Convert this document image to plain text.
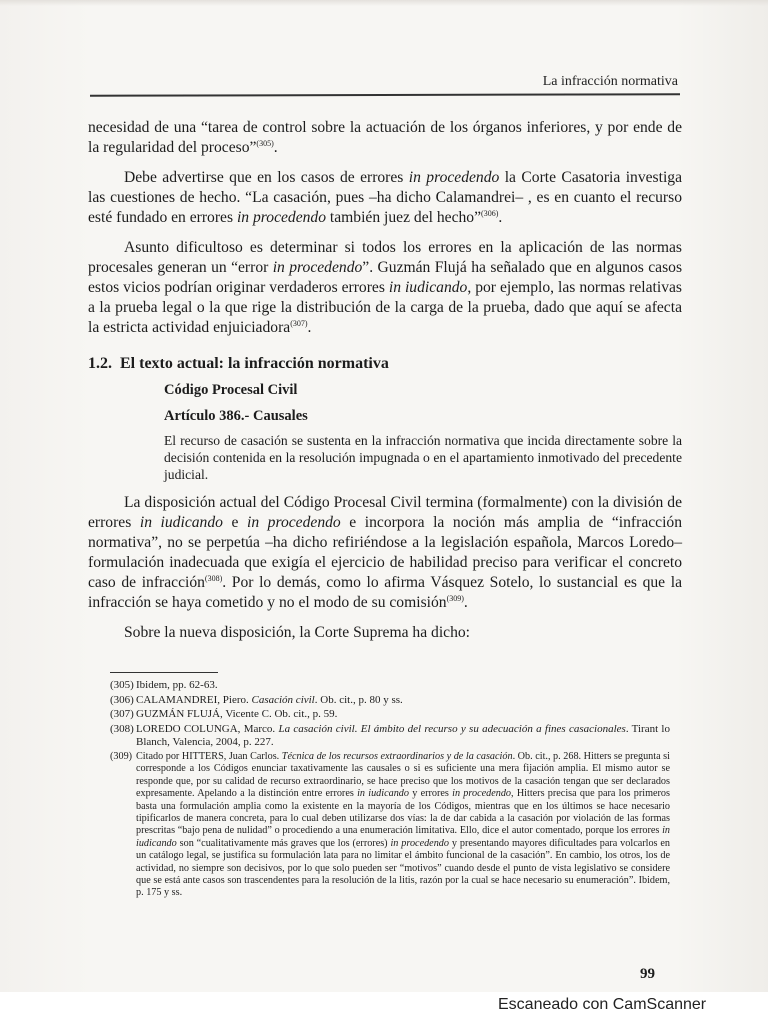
La infracción normativa

necesidad de una “tarea de control sobre la actuación de los órganos inferiores, y por ende de la regularidad del proceso”$^{(305)}$.

Debe advertirse que en los casos de errores in procedendo la Corte Casatoria investiga las cuestiones de hecho. “La casación, pues –ha dicho Calamandrei– , es en cuanto el recurso esté fundado en errores in procedendo también juez del hecho”$^{(306)}$.

Asunto dificultoso es determinar si todos los errores en la aplicación de las normas procesales generan un “error in procedendo”. Guzmán Flujá ha señalado que en algunos casos estos vicios podrían originar verdaderos errores in iudicando, por ejemplo, las normas relativas a la prueba legal o la que rige la distribución de la carga de la prueba, dado que aquí se afecta la estricta actividad enjuiciadora$^{(307)}$.

1.2. El texto actual: la infracción normativa

Código Procesal Civil

Artículo 386.- Causales

El recurso de casación se sustenta en la infracción normativa que incida directamente sobre la decisión contenida en la resolución impugnada o en el apartamiento inmotivado del precedente judicial.

La disposición actual del Código Procesal Civil termina (formalmente) con la división de errores in iudicando e in procedendo e incorpora la noción más amplia de “infracción normativa”, no se perpetúa –ha dicho refiriéndose a la legislación española, Marcos Loredo– formulación inadecuada que exigía el ejercicio de habilidad preciso para verificar el concreto caso de infracción$^{(308)}$. Por lo demás, como lo afirma Vásquez Sotelo, lo sustancial es que la infracción se haya cometido y no el modo de su comisión$^{(309)}$.

Sobre la nueva disposición, la Corte Suprema ha dicho:

(305) Ibidem, pp. 62-63.

(306) CALAMANDREI, Piero. Casación civil. Ob. cit., p. 80 y ss.

(307) GUZMÁN FLUJÁ, Vicente C. Ob. cit., p. 59.

(308) LOREDO COLUNGA, Marco. La casación civil. El ámbito del recurso y su adecuación a fines casacionales. Tirant lo Blanch, Valencia, 2004, p. 227.

(309) Citado por HITTERS, Juan Carlos. Técnica de los recursos extraordinarios y de la casación. Ob. cit., p. 268. Hitters se pregunta si corresponde a los Códigos enunciar taxativamente las causales o si es suficiente una mera fijación amplia. El mismo autor se responde que, por su calidad de recurso extraordinario, se hace preciso que los motivos de la casación tengan que ser declarados expresamente. Apelando a la distinción entre errores in iudicando y errores in procedendo, Hitters precisa que para los primeros basta una formulación amplia como la existente en la mayoría de los Códigos, mientras que en los últimos se hace necesario tipificarlos de manera concreta, para lo cual deben utilizarse dos vías: la de dar cabida a la casación por violación de las formas prescritas “bajo pena de nulidad” o procediendo a una enumeración limitativa. Ello, dice el autor comentado, porque los errores in iudicando son “cualitativamente más graves que los (errores) in procedendo y presentando mayores dificultades para volcarlos en un catálogo legal, se justifica su formulación lata para no limitar el ámbito funcional de la casación”. En cambio, los otros, los de actividad, no siempre son decisivos, por lo que solo pueden ser “motivos” cuando desde el punto de vista legislativo se considere que se está ante casos son trascendentes para la resolución de la litis, razón por la cual se hace necesario su enumeración”. Ibidem, p. 175 y ss.

99
Escaneado con CamScanner
